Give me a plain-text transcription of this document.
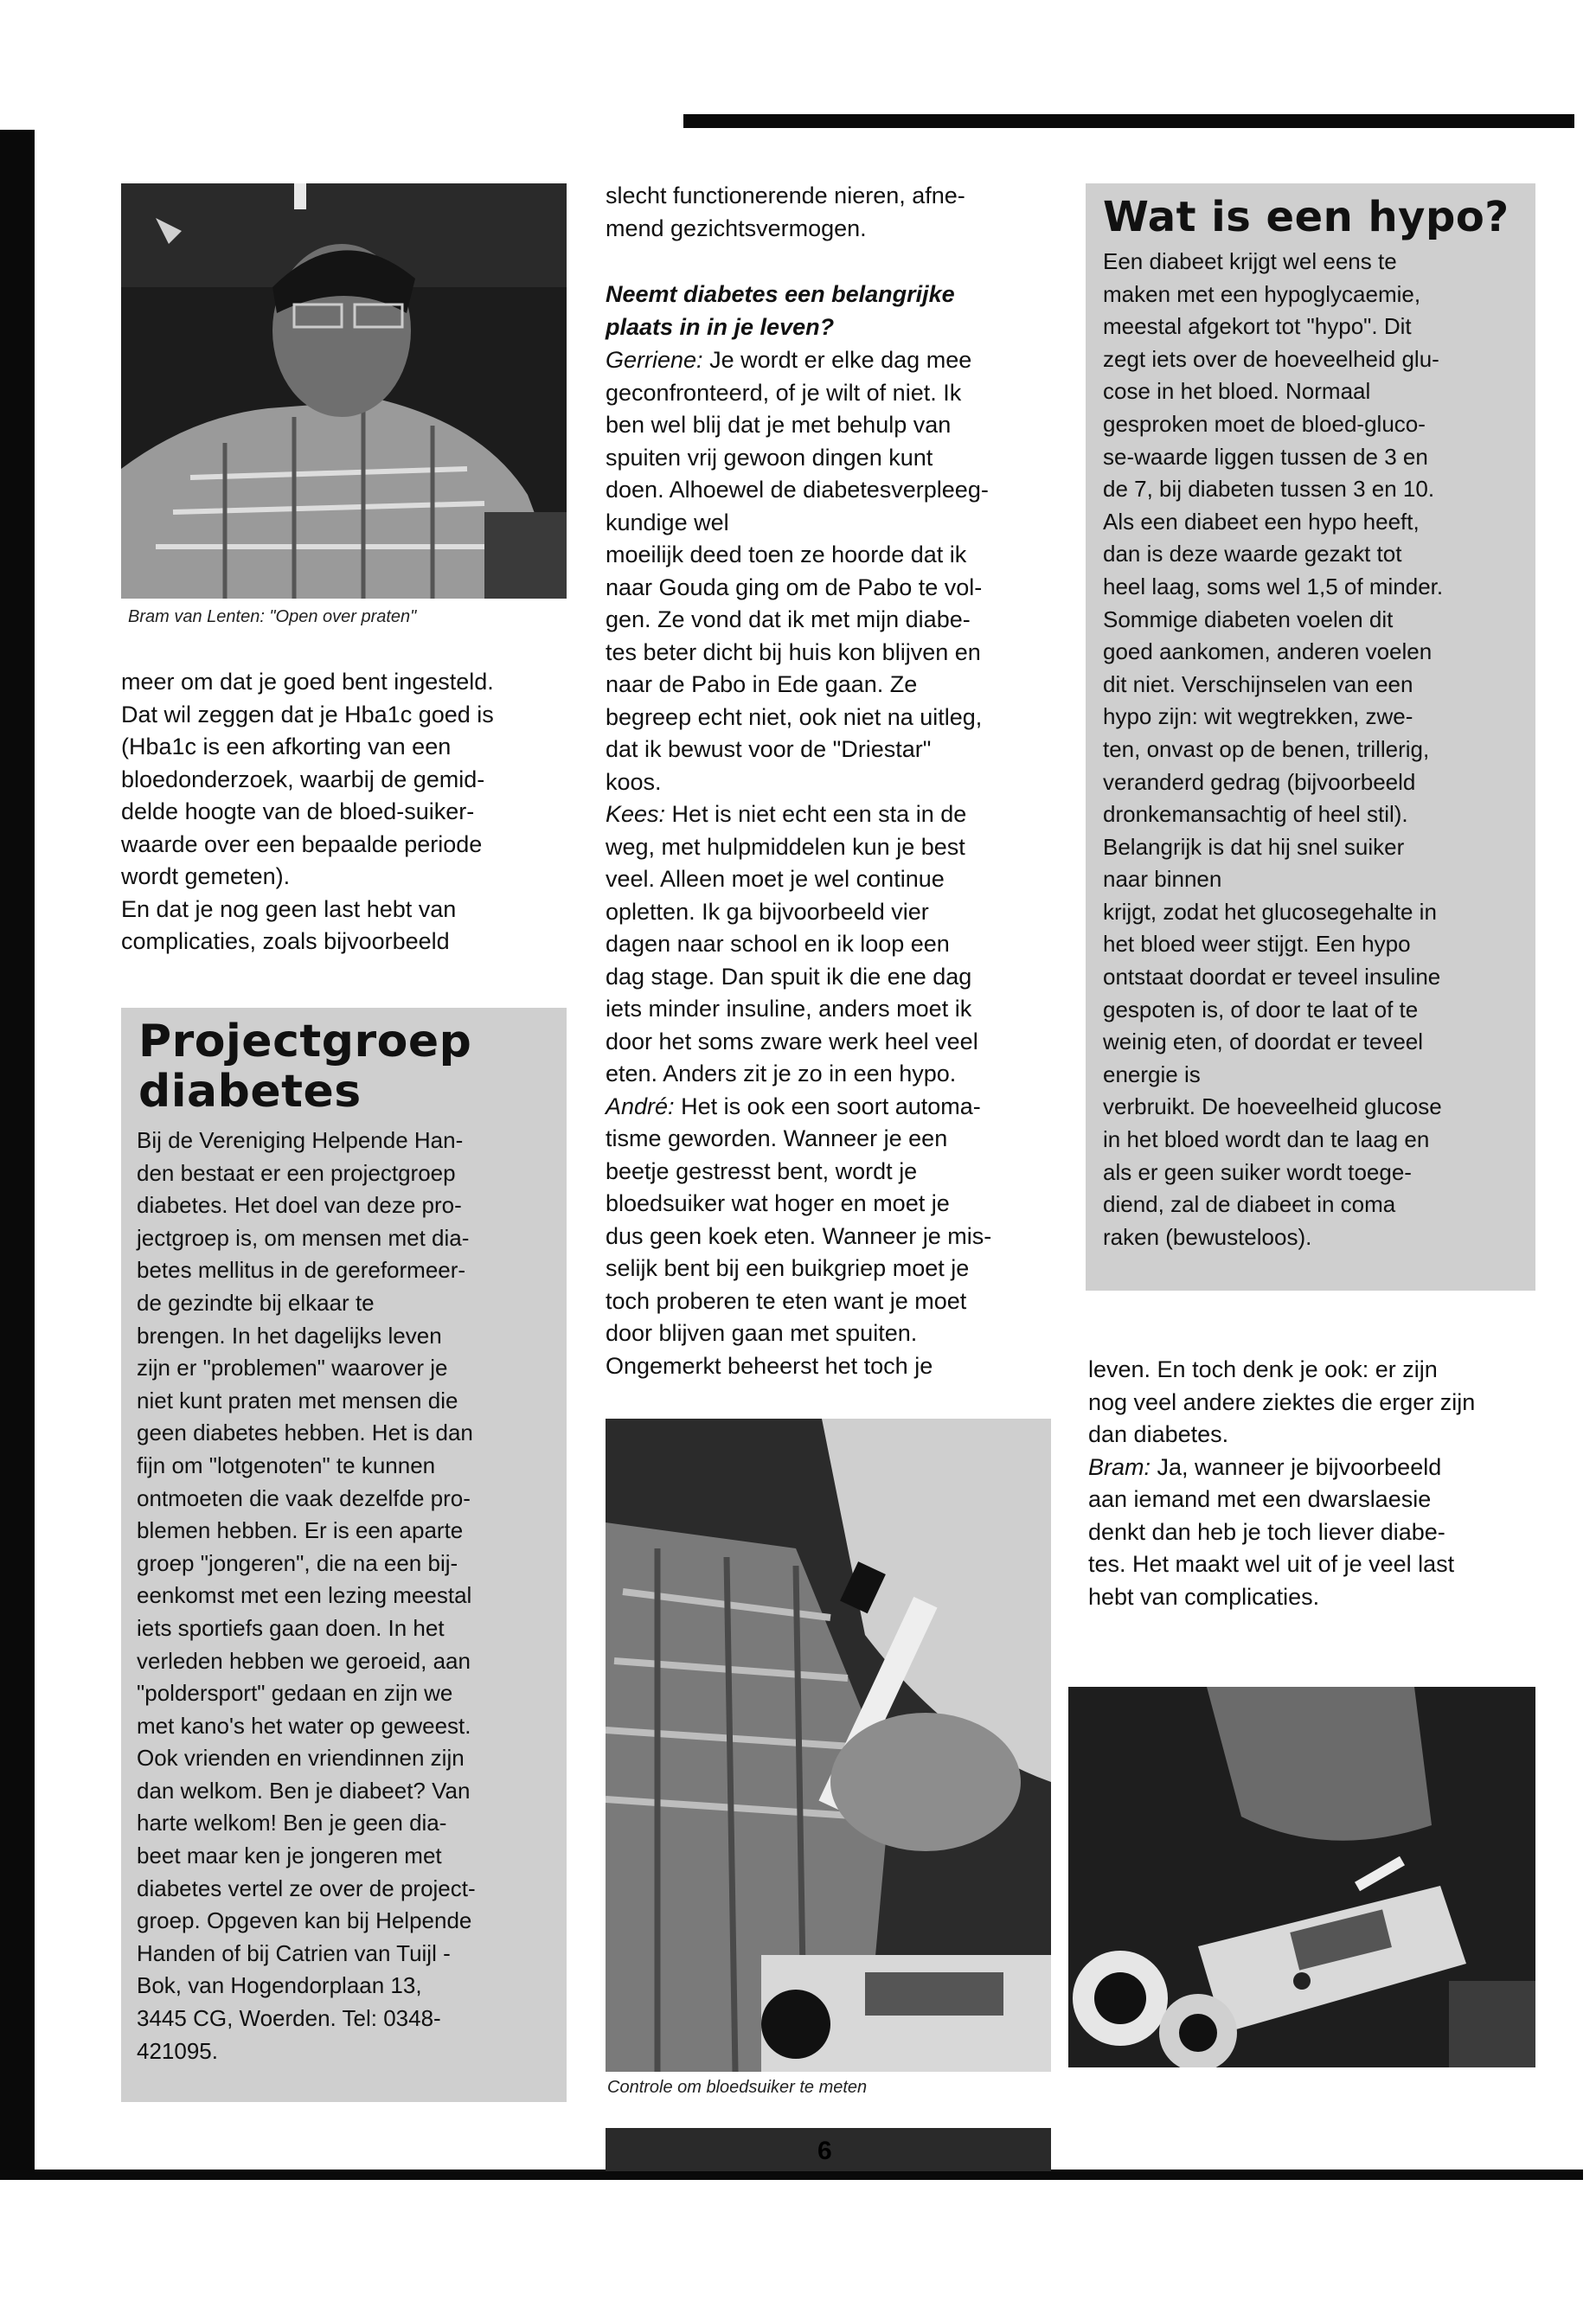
Bram van Lenten: "Open over praten"
meer om dat je goed bent ingesteld.
Dat wil zeggen dat je Hba1c goed is
(Hba1c is een afkorting van een
bloedonderzoek, waarbij de gemid-
delde hoogte van de bloed-suiker-
waarde over een bepaalde periode
wordt gemeten).
En dat je nog geen last hebt van
complicaties, zoals bijvoorbeeld
Projectgroep
diabetes
Bij de Vereniging Helpende Han-
den bestaat er een projectgroep
diabetes. Het doel van deze pro-
jectgroep is, om mensen met dia-
betes mellitus in de gereformeer-
de gezindte bij elkaar te
brengen. In het dagelijks leven
zijn er "problemen" waarover je
niet kunt praten met mensen die
geen diabetes hebben. Het is dan
fijn om "lotgenoten" te kunnen
ontmoeten die vaak dezelfde pro-
blemen hebben. Er is een aparte
groep "jongeren", die na een bij-
eenkomst met een lezing meestal
iets sportiefs gaan doen. In het
verleden hebben we geroeid, aan
"poldersport" gedaan en zijn we
met kano's het water op geweest.
Ook vrienden en vriendinnen zijn
dan welkom. Ben je diabeet? Van
harte welkom! Ben je geen dia-
beet maar ken je jongeren met
diabetes vertel ze over de project-
groep. Opgeven kan bij Helpende
Handen of bij Catrien van Tuijl -
Bok, van Hogendorplaan 13,
3445 CG, Woerden. Tel: 0348-
421095.
slecht functionerende nieren, afne-
mend gezichtsvermogen.
Neemt diabetes een belangrijke
plaats in in je leven?
Gerriene: Je wordt er elke dag mee
geconfronteerd, of je wilt of niet. Ik
ben wel blij dat je met behulp van
spuiten vrij gewoon dingen kunt
doen. Alhoewel de diabetesverpleeg-
kundige wel
moeilijk deed toen ze hoorde dat ik
naar Gouda ging om de Pabo te vol-
gen. Ze vond dat ik met mijn diabe-
tes beter dicht bij huis kon blijven en
naar de Pabo in Ede gaan. Ze
begreep echt niet, ook niet na uitleg,
dat ik bewust voor de "Driestar"
koos.
Kees: Het is niet echt een sta in de
weg, met hulpmiddelen kun je best
veel. Alleen moet je wel continue
opletten. Ik ga bijvoorbeeld vier
dagen naar school en ik loop een
dag stage. Dan spuit ik die ene dag
iets minder insuline, anders moet ik
door het soms zware werk heel veel
eten. Anders zit je zo in een hypo.
André: Het is ook een soort automa-
tisme geworden. Wanneer je een
beetje gestresst bent, wordt je
bloedsuiker wat hoger en moet je
dus geen koek eten. Wanneer je mis-
selijk bent bij een buikgriep moet je
toch proberen te eten want je moet
door blijven gaan met spuiten.
Ongemerkt beheerst het toch je
Controle om bloedsuiker te meten
Wat is een hypo?
Een diabeet krijgt wel eens te
maken met een hypoglycaemie,
meestal afgekort tot "hypo". Dit
zegt iets over de hoeveelheid glu-
cose in het bloed. Normaal
gesproken moet de bloed-gluco-
se-waarde liggen tussen de 3 en
de 7, bij diabeten tussen 3 en 10.
Als een diabeet een hypo heeft,
dan is deze waarde gezakt tot
heel laag, soms wel 1,5 of minder.
Sommige diabeten voelen dit
goed aankomen, anderen voelen
dit niet. Verschijnselen van een
hypo zijn: wit wegtrekken, zwe-
ten, onvast op de benen, trillerig,
veranderd gedrag (bijvoorbeeld
dronkemansachtig of heel stil).
Belangrijk is dat hij snel suiker
naar binnen
krijgt, zodat het glucosegehalte in
het bloed weer stijgt. Een hypo
ontstaat doordat er teveel insuline
gespoten is, of door te laat of te
weinig eten, of doordat er teveel
energie is
verbruikt. De hoeveelheid glucose
in het bloed wordt dan te laag en
als er geen suiker wordt toege-
diend, zal de diabeet in coma
raken (bewusteloos).
leven. En toch denk je ook: er zijn
nog veel andere ziektes die erger zijn
dan diabetes.
Bram: Ja, wanneer je bijvoorbeeld
aan iemand met een dwarslaesie
denkt dan heb je toch liever diabe-
tes. Het maakt wel uit of je veel last
hebt van complicaties.
6
